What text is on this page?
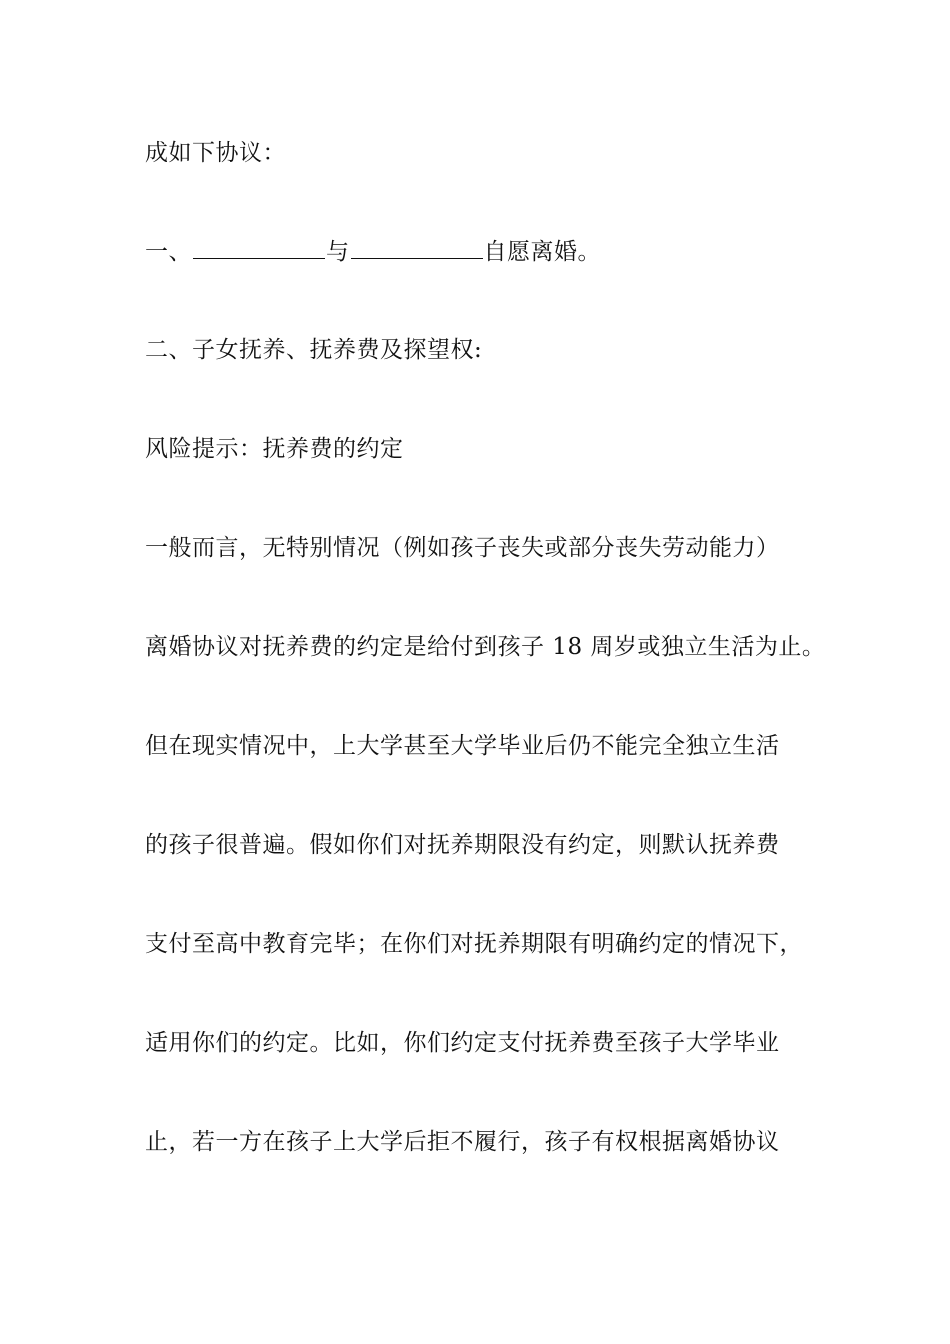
成如下协议：
一、	与	自愿离婚。
二、子女抚养、抚养费及探望权:
风险提示：抚养费的约定
一般而言，无特别情况（例如孩子丧失或部分丧失劳动能力）
离婚协议对抚养费的约定是给付到孩子 18 周岁或独立生活为止。
但在现实情况中，上大学甚至大学毕业后仍不能完全独立生活
的孩子很普遍。假如你们对抚养期限没有约定，则默认抚养费
支付至高中教育完毕；在你们对抚养期限有明确约定的情况下，
适用你们的约定。比如，你们约定支付抚养费至孩子大学毕业
止，若一方在孩子上大学后拒不履行，孩子有权根据离婚协议
